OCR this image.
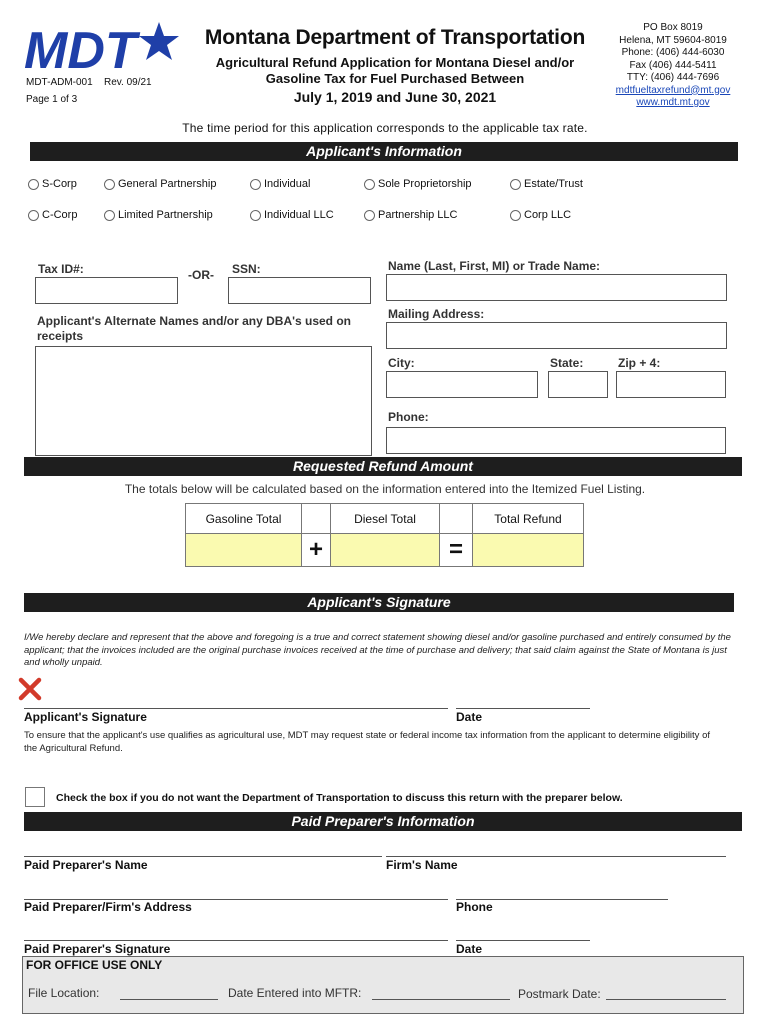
MDT
MDT-ADM-001 Rev. 09/21
Page 1 of 3
Montana Department of Transportation
Agricultural Refund Application for Montana Diesel and/or
Gasoline Tax for Fuel Purchased Between
July 1, 2019 and June 30, 2021
PO Box 8019
Helena, MT 59604-8019
Phone: (406) 444-6030
Fax (406) 444-5411
TTY: (406) 444-7696
mdtfueltaxrefund@mt.gov
www.mdt.mt.gov
The time period for this application corresponds to the applicable tax rate.
Applicant's Information
S-Corp	General Partnership	Individual	Sole Proprietorship	Estate/Trust
C-Corp	Limited Partnership	Individual LLC	Partnership LLC	Corp LLC
Tax ID#:	-OR- SSN:	Name (Last, First, MI) or Trade Name:
Applicant's Alternate Names and/or any DBA's used on receipts
Mailing Address:
City:	State:	Zip + 4:
Phone:
Requested Refund Amount
The totals below will be calculated based on the information entered into the Itemized Fuel Listing.
Gasoline Total		Diesel Total		Total Refund
	+		=	
Applicant's Signature
I/We hereby declare and represent that the above and foregoing is a true and correct statement showing diesel and/or gasoline purchased and entirely consumed by the applicant; that the invoices included are the original purchase invoices received at the time of purchase and delivery; that said claim against the State of Montana is just and wholly unpaid.
Applicant's Signature	Date
To ensure that the applicant's use qualifies as agricultural use, MDT may request state or federal income tax information from the applicant to determine eligibility of the Agricultural Refund.
Check the box if you do not want the Department of Transportation to discuss this return with the preparer below.
Paid Preparer's Information
Paid Preparer's Name	Firm's Name
Paid Preparer/Firm's Address	Phone
Paid Preparer's Signature	Date
FOR OFFICE USE ONLY
File Location:	Date Entered into MFTR:	Postmark Date:
